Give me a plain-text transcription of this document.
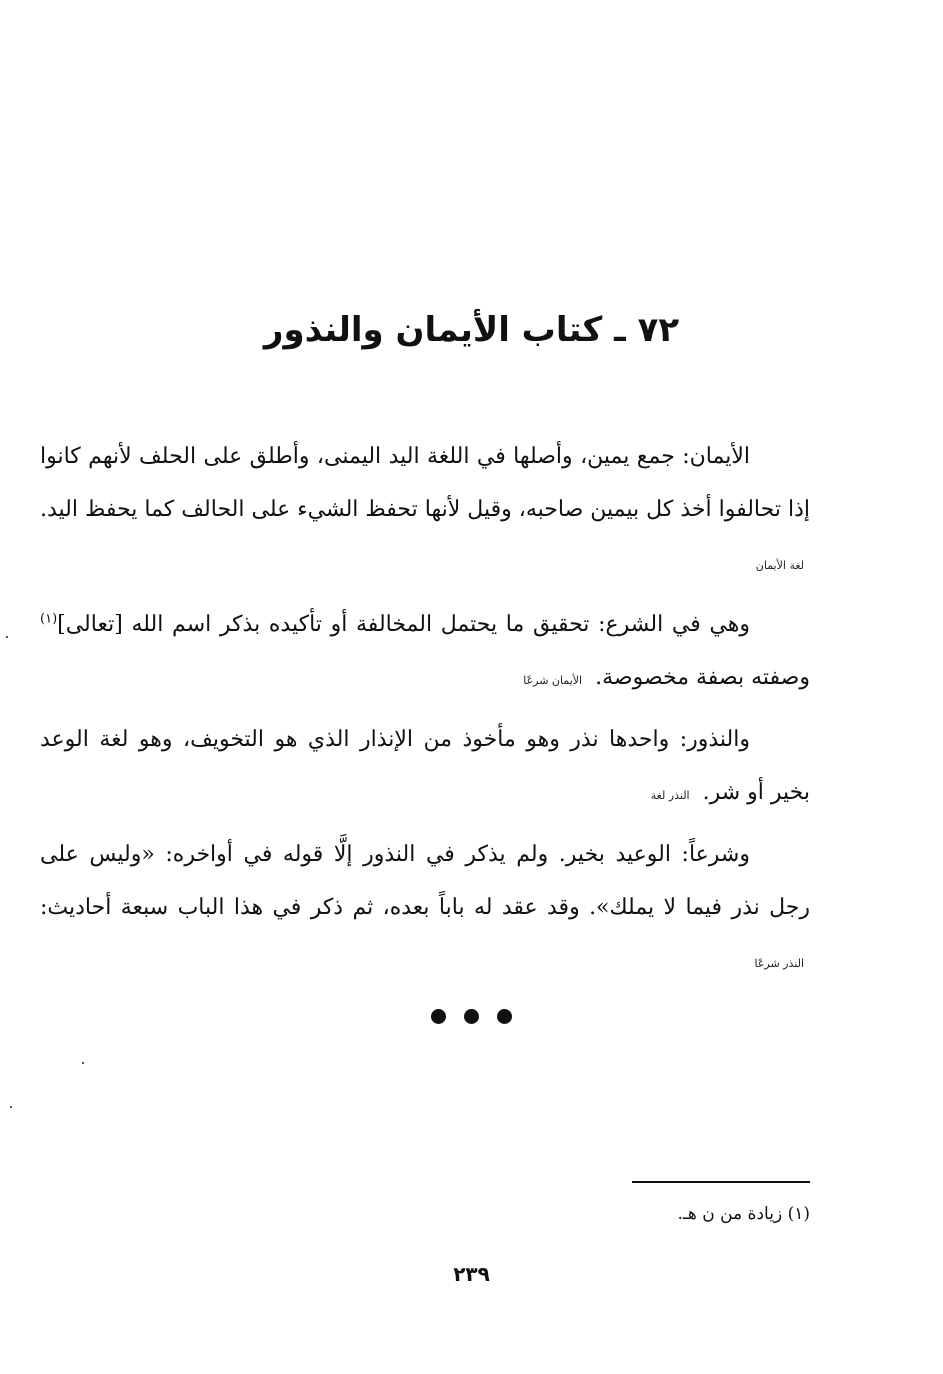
٧٢ ـ كتاب الأيمان والنذور

الأيمان: جمع يمين، وأصلها في اللغة اليد اليمنى، وأطلق على الحلف لأنهم كانوا إذا تحالفوا أخذ كل بيمين صاحبه، وقيل لأنها تحفظ الشيء على الحالف كما يحفظ اليد. لغة الأيمان

وهي في الشرع: تحقيق ما يحتمل المخالفة أو تأكيده بذكر اسم الله [تعالى]$^{(١)}$ وصفته بصفة مخصوصة. الأيمان شرعًا

والنذور: واحدها نذر وهو مأخوذ من الإنذار الذي هو التخويف، وهو لغة الوعد بخير أو شر. النذر لغة

وشرعاً: الوعيد بخير. ولم يذكر في النذور إلَّا قوله في أواخره: «وليس على رجل نذر فيما لا يملك». وقد عقد له باباً بعده، ثم ذكر في هذا الباب سبعة أحاديث: النذر شرعًا

(١) زيادة من ن هـ.
٢٣٩
